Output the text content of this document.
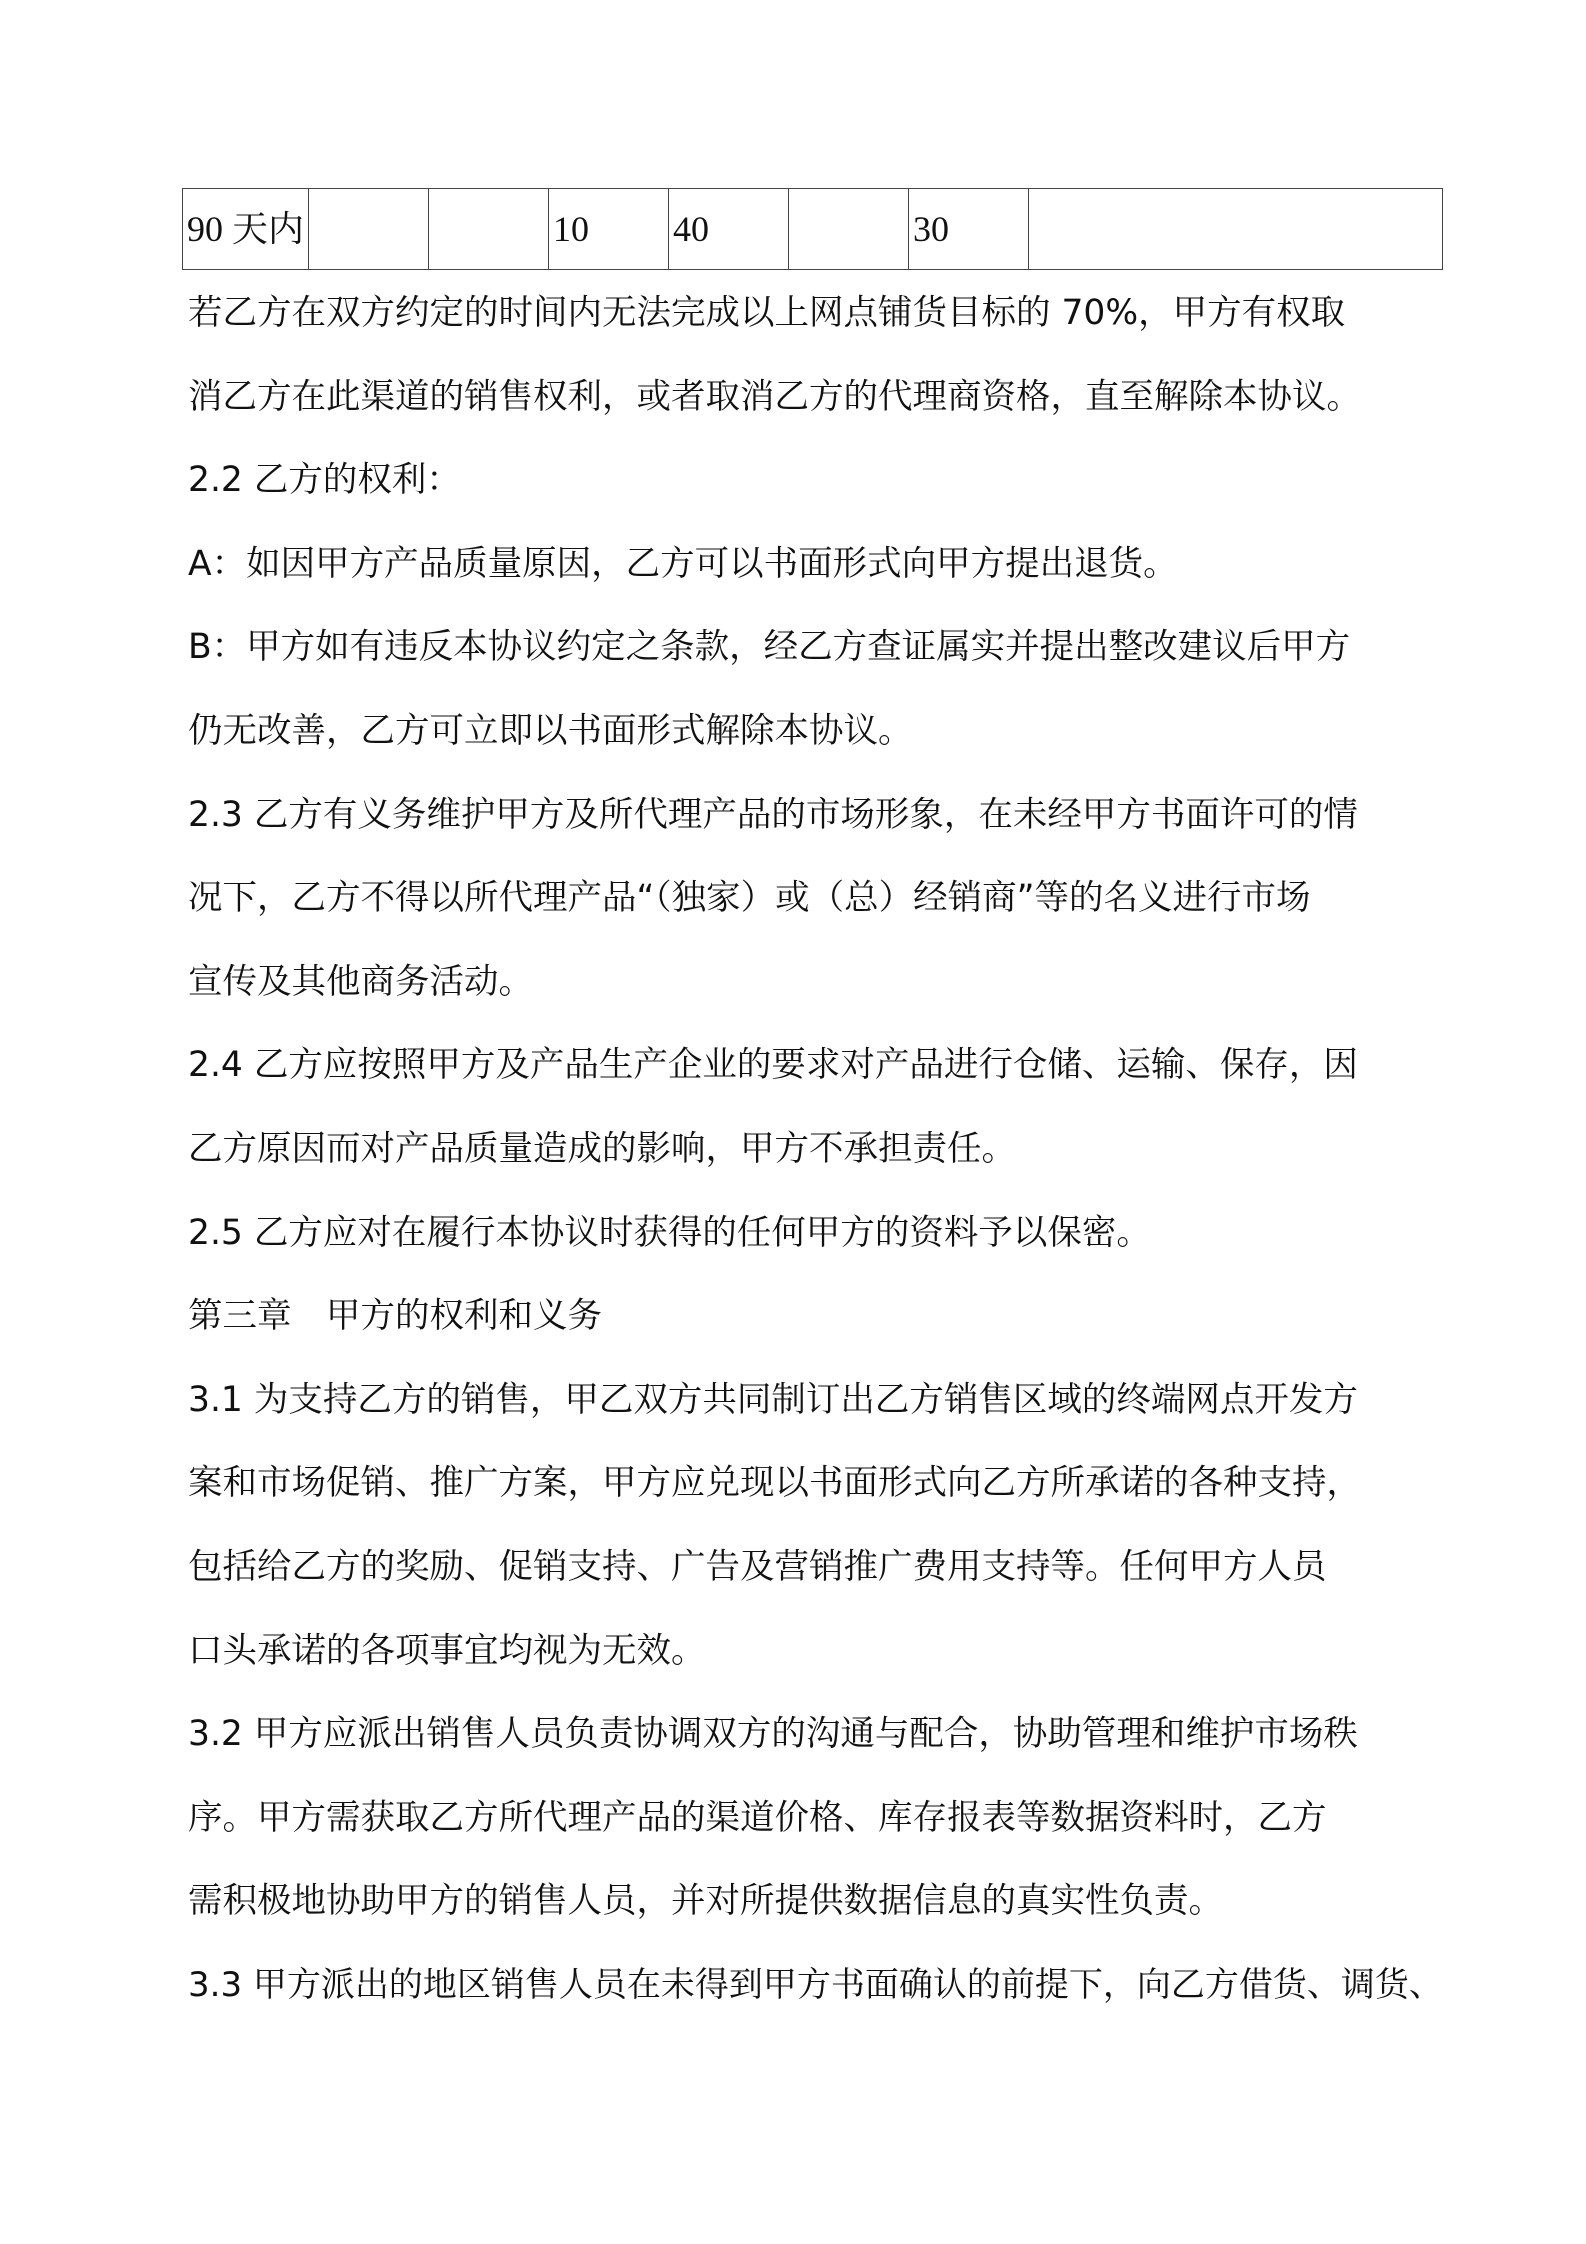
90 天内			10	40		30	

若乙方在双方约定的时间内无法完成以上网点铺货目标的 70%，甲方有权取

消乙方在此渠道的销售权利，或者取消乙方的代理商资格，直至解除本协议。

2.2 乙方的权利：

A：如因甲方产品质量原因，乙方可以书面形式向甲方提出退货。

B：甲方如有违反本协议约定之条款，经乙方查证属实并提出整改建议后甲方

仍无改善，乙方可立即以书面形式解除本协议。

2.3 乙方有义务维护甲方及所代理产品的市场形象，在未经甲方书面许可的情

况下，乙方不得以所代理产品“（独家）或（总）经销商”等的名义进行市场

宣传及其他商务活动。

2.4 乙方应按照甲方及产品生产企业的要求对产品进行仓储、运输、保存，因

乙方原因而对产品质量造成的影响，甲方不承担责任。

2.5 乙方应对在履行本协议时获得的任何甲方的资料予以保密。

第三章　甲方的权利和义务

3.1 为支持乙方的销售，甲乙双方共同制订出乙方销售区域的终端网点开发方

案和市场促销、推广方案，甲方应兑现以书面形式向乙方所承诺的各种支持，

包括给乙方的奖励、促销支持、广告及营销推广费用支持等。任何甲方人员

口头承诺的各项事宜均视为无效。

3.2 甲方应派出销售人员负责协调双方的沟通与配合，协助管理和维护市场秩

序。甲方需获取乙方所代理产品的渠道价格、库存报表等数据资料时，乙方

需积极地协助甲方的销售人员，并对所提供数据信息的真实性负责。

3.3 甲方派出的地区销售人员在未得到甲方书面确认的前提下，向乙方借货、调货、
